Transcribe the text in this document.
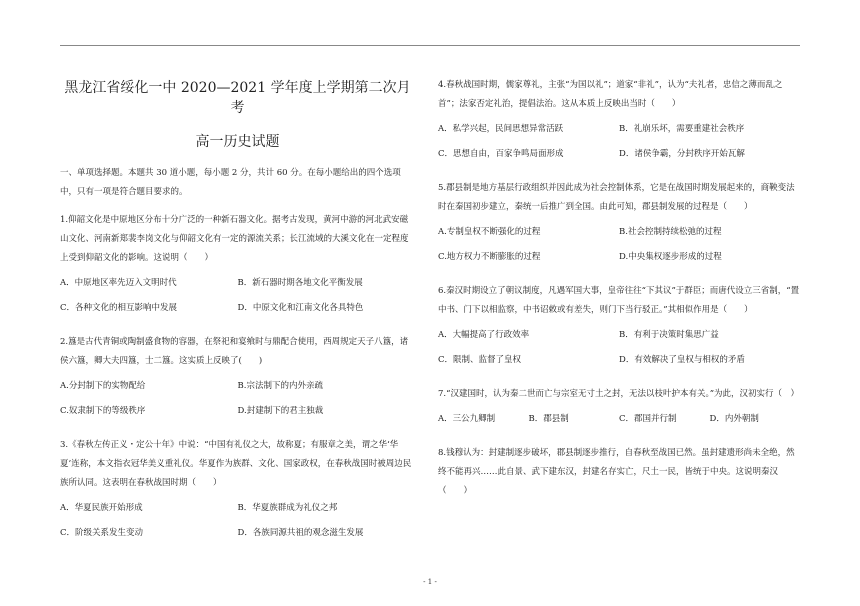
黑龙江省绥化一中 2020—2021 学年度上学期第二次月考
高一历史试题
一、单项选择题。本题共 30 道小题，每小题 2 分，共计 60 分。在每小题给出的四个选项中，只有一项是符合题目要求的。
1.仰韶文化是中原地区分布十分广泛的一种新石器文化。据考古发现，黄河中游的河北武安磁山文化、河南新郑裴李岗文化与仰韶文化有一定的源流关系；长江流域的大溪文化在一定程度上受到仰韶文化的影响。这说明（　　）
A．中原地区率先迈入文明时代	B．新石器时期各地文化平衡发展
C．各种文化的相互影响中发展	D．中原文化和江南文化各具特色
2.簋是古代青铜或陶制盛食物的容器，在祭祀和宴飨时与鼎配合使用，西周规定天子八簋，诸侯六簋，卿大夫四簋，士二簋。这实质上反映了(　　)
A.分封制下的实物配给	B.宗法制下的内外亲疏
C.奴隶制下的等级秩序	D.封建制下的君主独裁
3.《春秋左传正义・定公十年》中说：“中国有礼仪之大，故称夏；有服章之美，谓之华‘华夏’连称，本文指衣冠华美义重礼仪。华夏作为族群、文化、国家政权，在春秋战国时被周边民族所认同。这表明在春秋战国时期（　　）
A．华夏民族开始形成	B．华夏族群成为礼仪之邦
C．阶级关系发生变动	D．各族同源共祖的观念滋生发展
4.春秋战国时期，儒家尊礼，主张“为国以礼”；道家“非礼”，认为“夫礼者，忠信之薄而乱之首”；法家否定礼治，提倡法治。这从本质上反映出当时（　　）
A．私学兴起，民间思想异常活跃	B．礼崩乐坏，需要重建社会秩序
C．思想自由，百家争鸣局面形成	D．诸侯争霸，分封秩序开始瓦解
5.郡县制是地方基层行政组织并因此成为社会控制体系，它是在战国时期发展起来的，商鞅变法时在秦国初步建立，秦统一后推广到全国。由此可知，郡县制发展的过程是（　　）
A.专制皇权不断强化的过程	B.社会控制持续松弛的过程
C.地方权力不断膨胀的过程	D.中央集权逐步形成的过程
6.秦汉时期设立了朝议制度，凡遇军国大事，皇帝往往“下其议”于群臣；而唐代设立三省制，“置中书、门下以相监察，中书诏敕或有差失，则门下当行驳正。”其相似作用是（　　）
A．大幅提高了行政效率	B．有利于决策时集思广益
C．限制、监督了皇权	D．有效解决了皇权与相权的矛盾
7.“汉建国时，认为秦二世而亡与宗室无寸土之封，无法以枝叶护本有关。”为此，汉初实行（　）
A．三公九卿制	B．郡县制	C．郡国并行制	D．内外朝制
8.钱穆认为：封建制逐步破坏，郡县制逐步推行，自春秋至战国已然。虽封建遗形尚未全绝，然终不能再兴……此自景、武下建东汉，封建名存实亡，尺土一民，皆统于中央。这说明秦汉（　　）
- 1 -
